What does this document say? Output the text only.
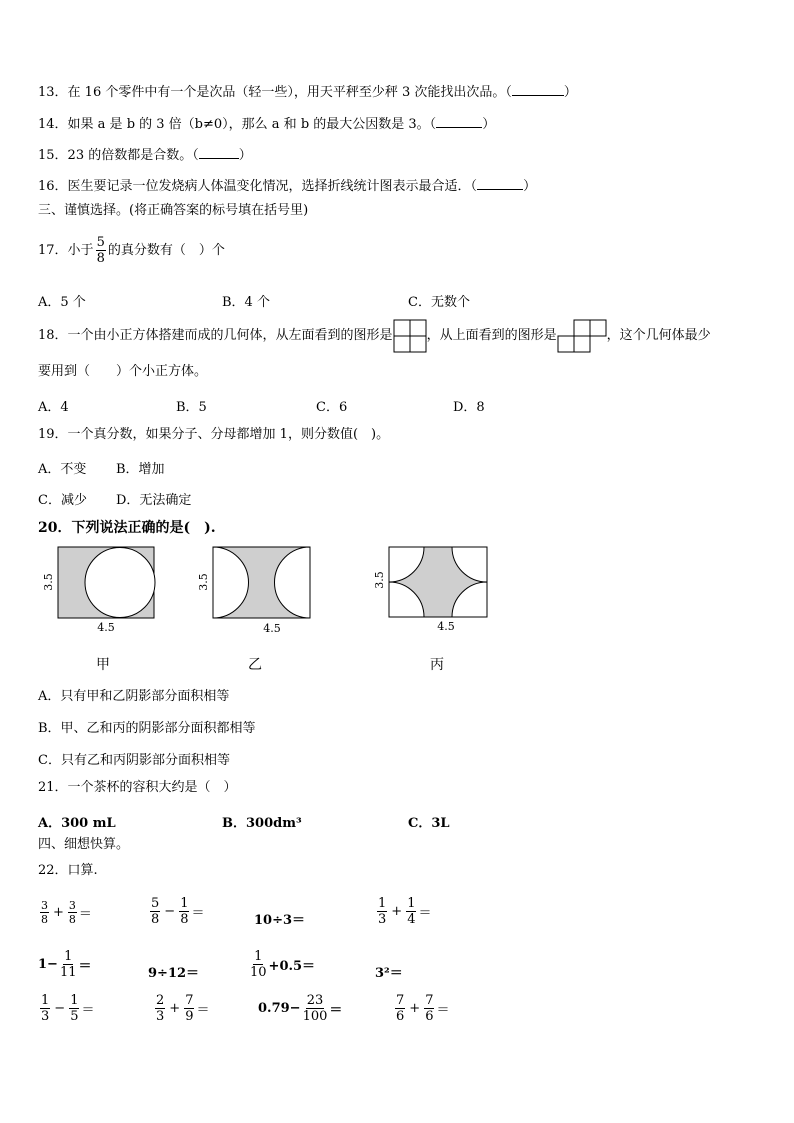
13．在 16 个零件中有一个是次品（轻一些），用天平秤至少秤 3 次能找出次品。（	）
14．如果 a 是 b 的 3 倍（b≠0），那么 a 和 b 的最大公因数是 3。（	）
15．23 的倍数都是合数。（	）
16．医生要记录一位发烧病人体温变化情况，选择折线统计图表示最合适．（	）
三、谨慎选择。(将正确答案的标号填在括号里)
17． 小于 $\frac{5}{8}$ 的真分数有（　）个
A．5 个	B．4 个	C．无数个
18． 一个由小正方体搭建而成的几何体，从左面看到的图形是	，从上面看到的图形是	，这个几何体最少
要用到（　　）个小正方体。
A．4	B．5	C．6	D．8
19．一个真分数，如果分子、分母都增加 1，则分数值(　)。
A．不变 B．增加
C．减少 D．无法确定
20．下列说法正确的是(　).
3.5
4.5
3.5
4.5
3.5
4.5
甲	乙	丙
A．只有甲和乙阴影部分面积相等
B．甲、乙和丙的阴影部分面积都相等
C．只有乙和丙阴影部分面积相等
21．一个茶杯的容积大约是（　）
A．300 mL	B．300dm³	C．3L
四、细想快算。
22．口算.
$\frac{3}{8} + \frac{3}{8}$ ＝	$\frac{5}{8} - \frac{1}{8}$ ＝	10÷3＝	$\frac{1}{3} + \frac{1}{4}$ ＝
$1- \frac{1}{11}$ ＝	9÷12＝	$\frac{1}{10} +0.5=$	3²＝
$\frac{1}{3} - \frac{1}{5}$ ＝	$\frac{2}{3} + \frac{7}{9}$ ＝	$0.79- \frac{23}{100}$ ＝	$\frac{7}{6} + \frac{7}{6}$ ＝
